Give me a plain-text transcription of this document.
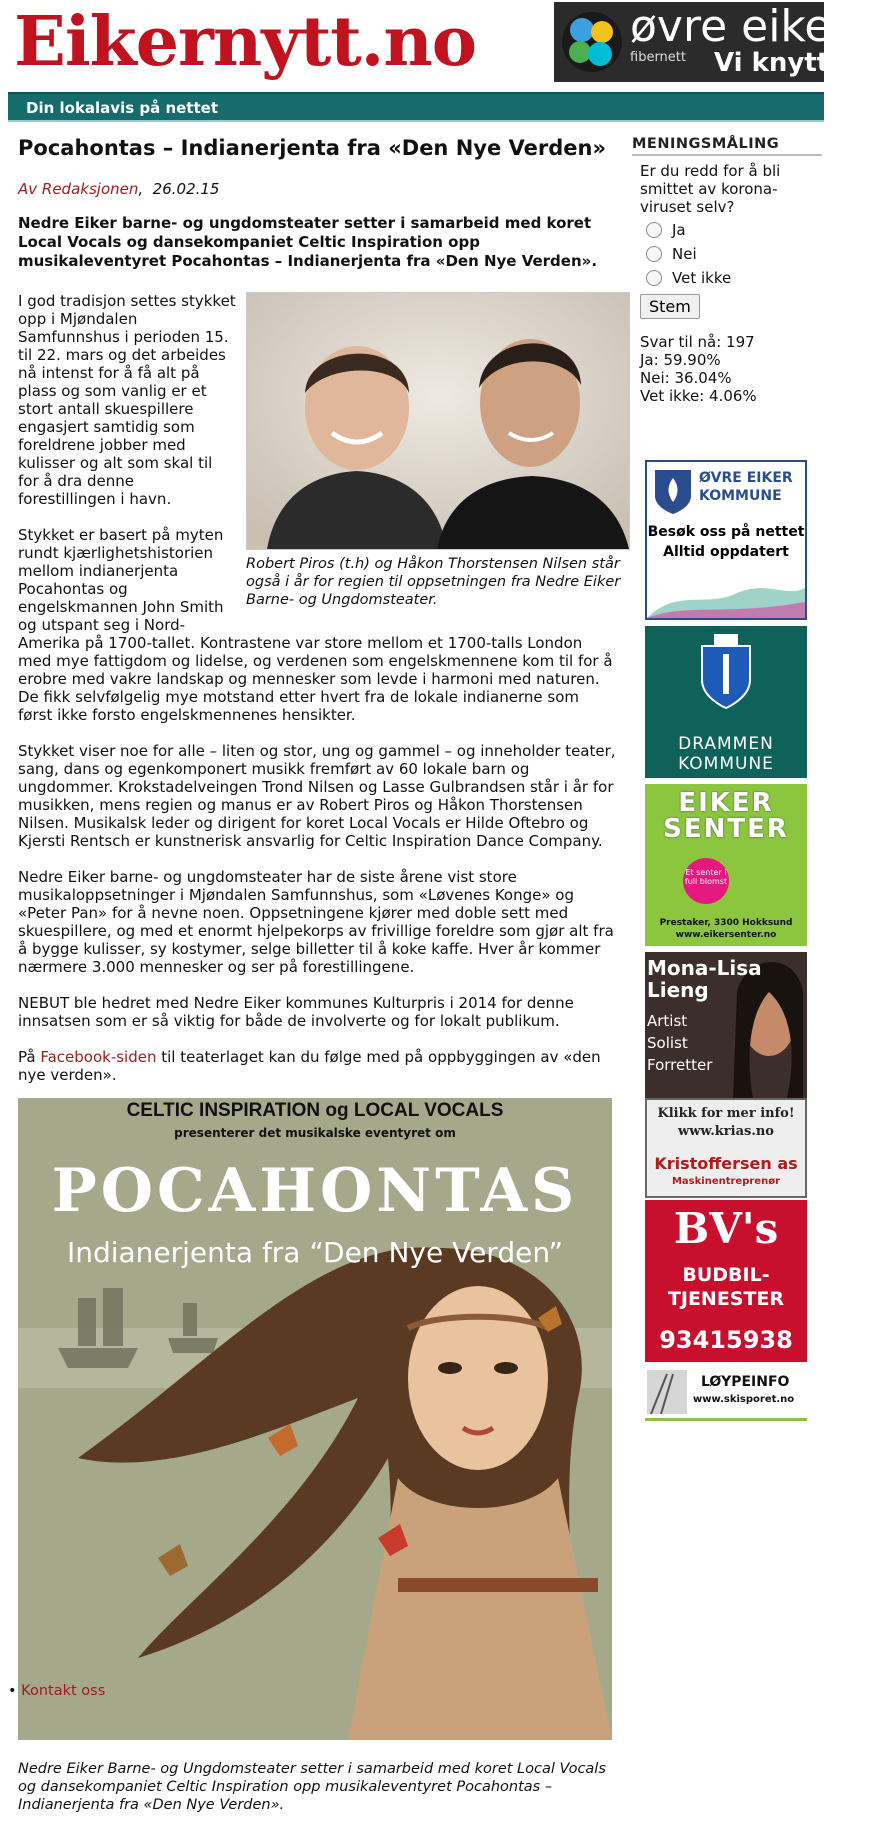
Eikernytt.no	øvre eiker
fibernett Vi knytter Ø
Din lokalavis på nettet
Pocahontas – Indianerjenta fra «Den Nye Verden»
Av Redaksjonen,  26.02.15
Nedre Eiker barne- og ungdomsteater setter i samarbeid med koret Local Vocals og dansekompaniet Celtic Inspiration opp musikaleventyret Pocahontas – Indianerjenta fra «Den Nye Verden».

I god tradisjon settes stykket opp i Mjøndalen Samfunnshus i perioden 15. til 22. mars og det arbeides nå intenst for å få alt på plass og som vanlig er et stort antall skuespillere engasjert samtidig som foreldrene jobber med kulisser og alt som skal til for å dra denne forestillingen i havn.

Stykket er basert på myten rundt kjærlighetshistorien mellom indianerjenta Pocahontas og engelskmannen John Smith og utspant seg i Nord-Amerika på 1700-tallet. Kontrastene var store mellom et 1700-talls London med mye fattigdom og lidelse, og verdenen som engelskmennene kom til for å erobre med vakre landskap og mennesker som levde i harmoni med naturen. De fikk selvfølgelig mye motstand etter hvert fra de lokale indianerne som først ikke forsto engelskmennenes hensikter.

Stykket viser noe for alle – liten og stor, ung og gammel – og inneholder teater, sang, dans og egenkomponert musikk fremført av 60 lokale barn og ungdommer. Krokstadelveingen Trond Nilsen og Lasse Gulbrandsen står i år for musikken, mens regien og manus er av Robert Piros og Håkon Thorstensen Nilsen. Musikalsk leder og dirigent for koret Local Vocals er Hilde Oftebro og Kjersti Rentsch er kunstnerisk ansvarlig for Celtic Inspiration Dance Company.

Nedre Eiker barne- og ungdomsteater har de siste årene vist store musikaloppsetninger i Mjøndalen Samfunnshus, som «Løvenes Konge» og «Peter Pan» for å nevne noen. Oppsetningene kjører med doble sett med skuespillere, og med et enormt hjelpekorps av frivillige foreldre som gjør alt fra å bygge kulisser, sy kostymer, selge billetter til å koke kaffe. Hver år kommer nærmere 3.000 mennesker og ser på forestillingene.

NEBUT ble hedret med Nedre Eiker kommunes Kulturpris i 2014 for denne innsatsen som er så viktig for både de involverte og for lokalt publikum.

På Facebook-siden til teaterlaget kan du følge med på oppbyggingen av «den nye verden».

Robert Piros (t.h) og Håkon Thorstensen Nilsen står også i år for regien til oppsetningen fra Nedre Eiker Barne- og Ungdomsteater.
CELTIC INSPIRATION og LOCAL VOCALS
presenterer det musikalske eventyret om
POCAHONTAS
Indianerjenta fra “Den Nye Verden”
Nedre Eiker Barne- og Ungdomsteater setter i samarbeid med koret Local Vocals og dansekompaniet Celtic Inspiration opp musikaleventyret Pocahontas – Indianerjenta fra «Den Nye Verden».
• Kontakt oss
MENINGSMÅLING
Er du redd for å bli smittet av korona-viruset selv?
Ja
Nei
Vet ikke
Stem
Svar til nå: 197
Ja: 59.90%
Nei: 36.04%
Vet ikke: 4.06%
ØVRE EIKER
KOMMUNE
Besøk oss på nettet
Alltid oppdatert
DRAMMEN
KOMMUNE
EIKER
SENTER
Et senter i full blomst
Prestaker, 3300 Hokksund
www.eikersenter.no
Mona-Lisa
Lieng
Artist
Solist
Forretter
Klikk for mer info!
www.krias.no
Kristoffersen as
Maskinentreprenør
BV's
BUDBIL-
TJENESTER
93415938
LØYPEINFO
www.skisporet.no
